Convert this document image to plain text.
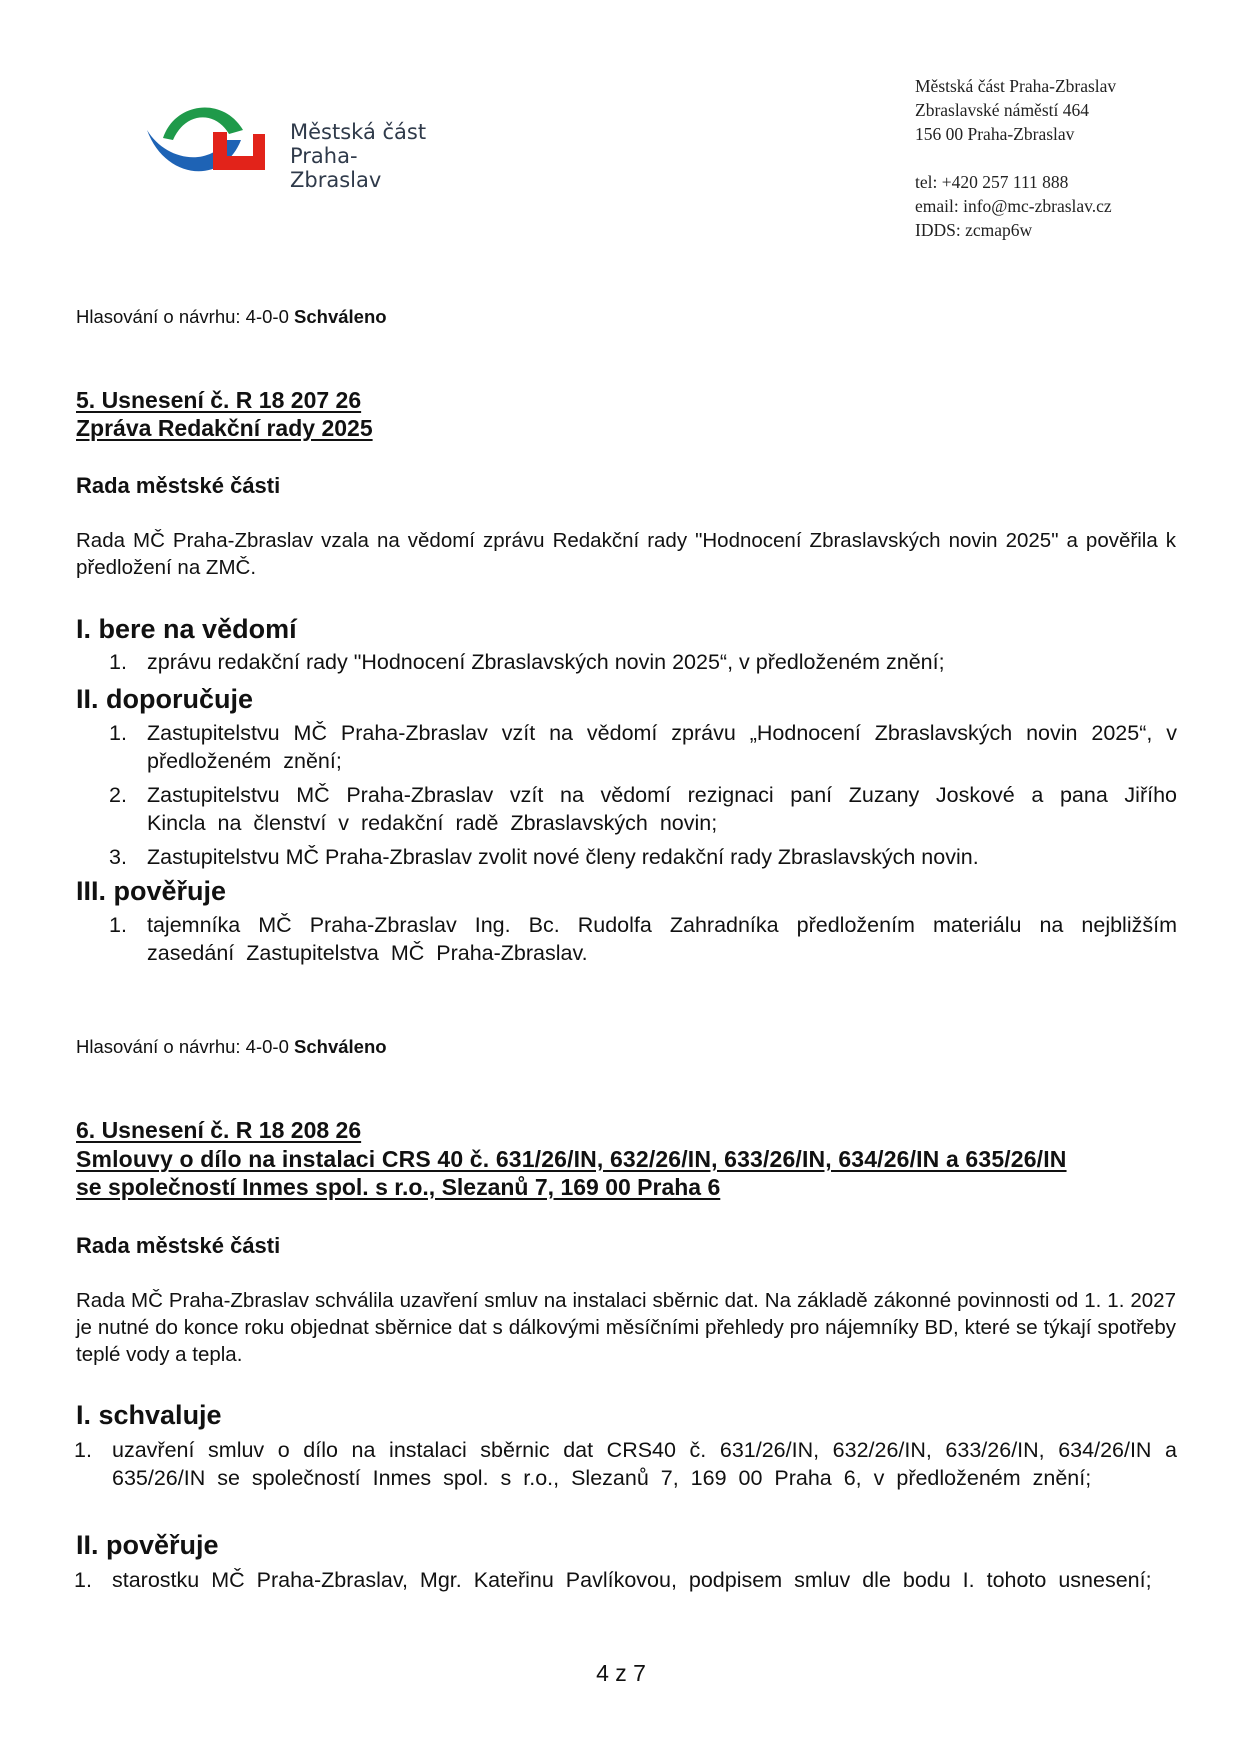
Městská část
Praha-Zbraslav
Městská část Praha-Zbraslav
Zbraslavské náměstí 464
156 00 Praha-Zbraslav
tel: +420 257 111 888
email: info@mc-zbraslav.cz
IDDS: zcmap6w
Hlasování o návrhu: 4-0-0 Schváleno
5. Usnesení č. R 18 207 26
Zpráva Redakční rady 2025
Rada městské části
Rada MČ Praha-Zbraslav vzala na vědomí zprávu Redakční rady "Hodnocení Zbraslavských novin 2025" a pověřila k předložení na ZMČ.
I. bere na vědomí
1. zprávu redakční rady "Hodnocení Zbraslavských novin 2025“, v předloženém znění;
II. doporučuje
1. Zastupitelstvu MČ Praha-Zbraslav vzít na vědomí zprávu „Hodnocení Zbraslavských novin 2025“, v předloženém znění;
2. Zastupitelstvu MČ Praha-Zbraslav vzít na vědomí rezignaci paní Zuzany Joskové a pana Jiřího Kincla na členství v redakční radě Zbraslavských novin;
3. Zastupitelstvu MČ Praha-Zbraslav zvolit nové členy redakční rady Zbraslavských novin.
III. pověřuje
1. tajemníka MČ Praha-Zbraslav Ing. Bc. Rudolfa Zahradníka předložením materiálu na nejbližším zasedání Zastupitelstva MČ Praha-Zbraslav.
Hlasování o návrhu: 4-0-0 Schváleno
6. Usnesení č. R 18 208 26
Smlouvy o dílo na instalaci CRS 40 č. 631/26/IN, 632/26/IN, 633/26/IN, 634/26/IN a 635/26/IN
se společností Inmes spol. s r.o., Slezanů 7, 169 00 Praha 6
Rada městské části
Rada MČ Praha-Zbraslav schválila uzavření smluv na instalaci sběrnic dat. Na základě zákonné povinnosti od 1. 1. 2027 je nutné do konce roku objednat sběrnice dat s dálkovými měsíčními přehledy pro nájemníky BD, které se týkají spotřeby teplé vody a tepla.
I. schvaluje
1. uzavření smluv o dílo na instalaci sběrnic dat CRS40 č. 631/26/IN, 632/26/IN, 633/26/IN, 634/26/IN a 635/26/IN se společností Inmes spol. s r.o., Slezanů 7, 169 00 Praha 6, v předloženém znění;
II. pověřuje
1. starostku MČ Praha-Zbraslav, Mgr. Kateřinu Pavlíkovou, podpisem smluv dle bodu I. tohoto usnesení;
4 z 7
